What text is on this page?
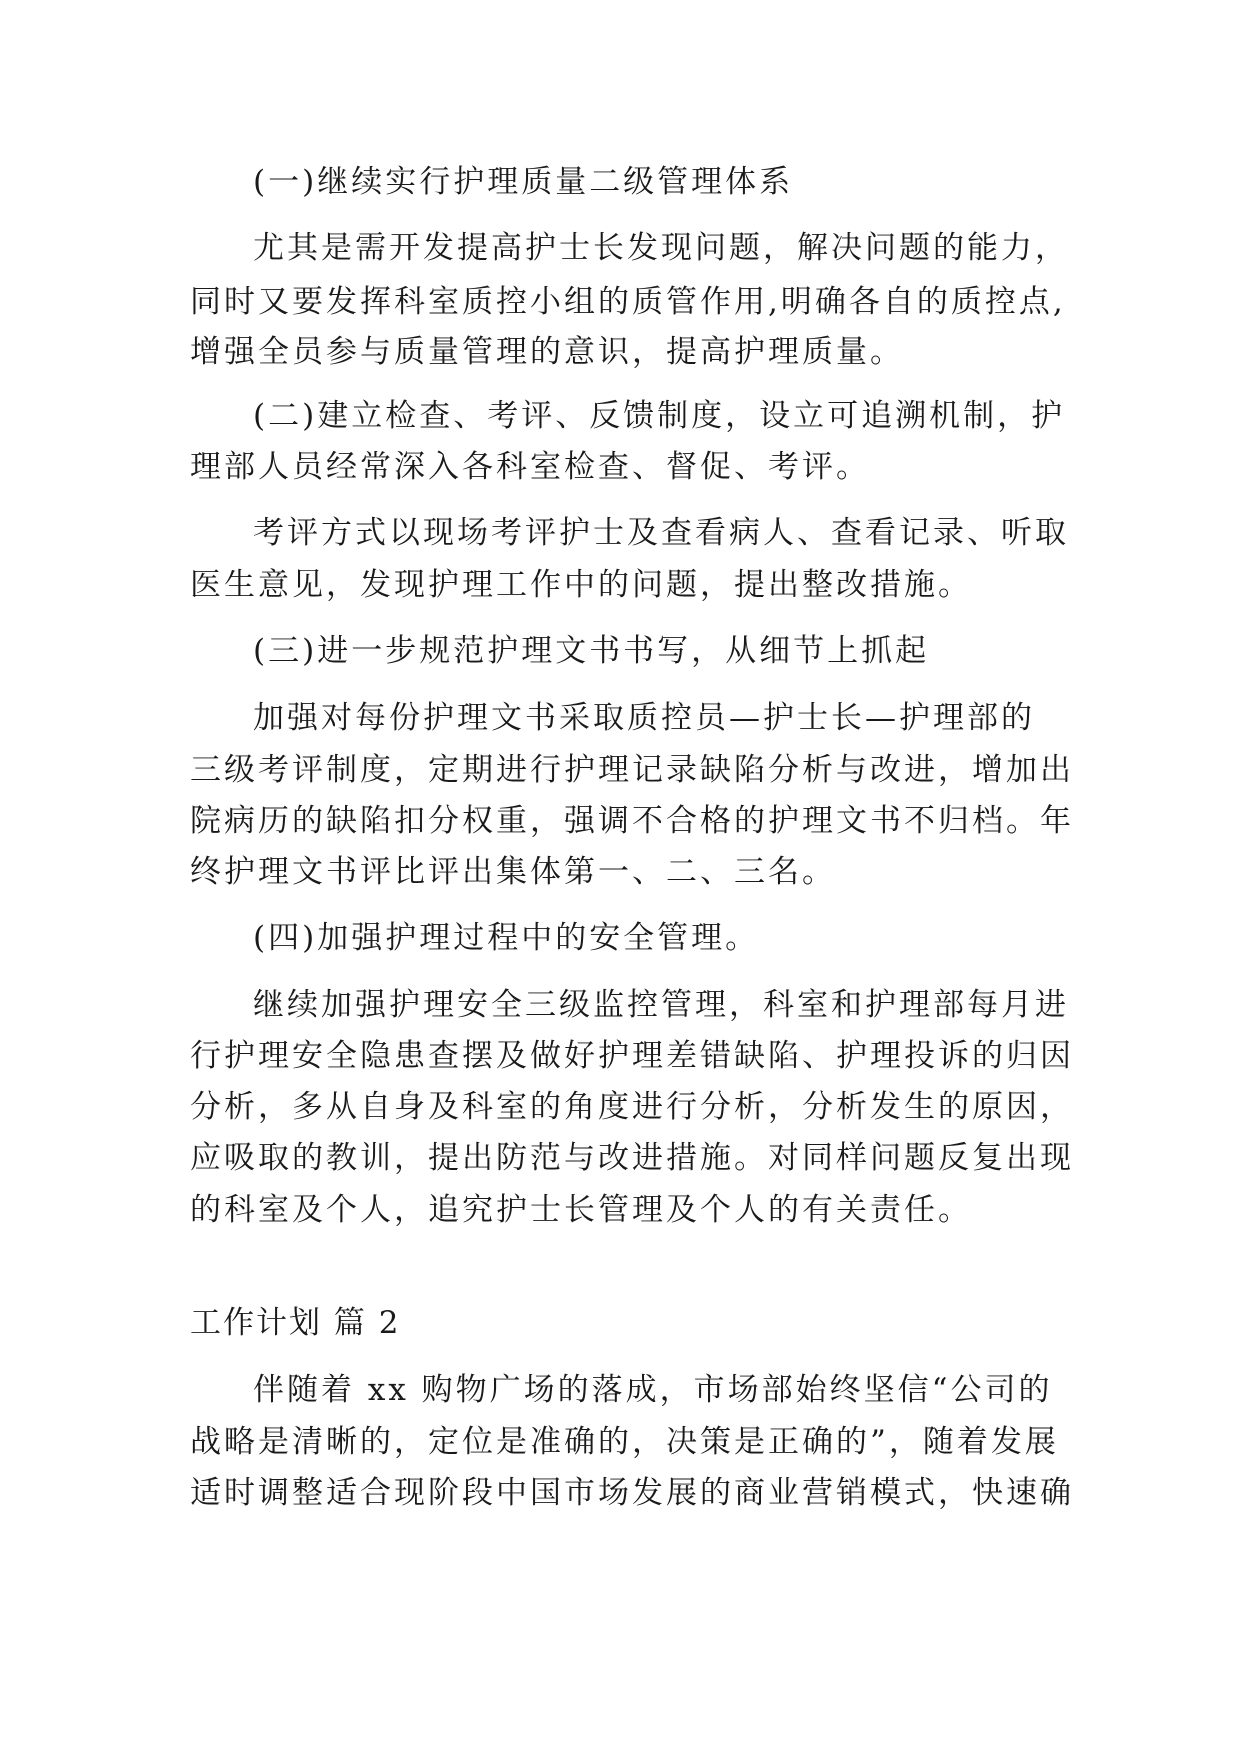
(一)继续实行护理质量二级管理体系
尤其是需开发提高护士长发现问题，解决问题的能力，
同时又要发挥科室质控小组的质管作用,明确各自的质控点,
增强全员参与质量管理的意识，提高护理质量。
(二)建立检查、考评、反馈制度，设立可追溯机制，护
理部人员经常深入各科室检查、督促、考评。
考评方式以现场考评护士及查看病人、查看记录、听取
医生意见，发现护理工作中的问题，提出整改措施。
(三)进一步规范护理文书书写，从细节上抓起
加强对每份护理文书采取质控员—护士长—护理部的
三级考评制度，定期进行护理记录缺陷分析与改进，增加出
院病历的缺陷扣分权重，强调不合格的护理文书不归档。年
终护理文书评比评出集体第一、二、三名。
(四)加强护理过程中的安全管理。
继续加强护理安全三级监控管理，科室和护理部每月进
行护理安全隐患查摆及做好护理差错缺陷、护理投诉的归因
分析，多从自身及科室的角度进行分析，分析发生的原因，
应吸取的教训，提出防范与改进措施。对同样问题反复出现
的科室及个人，追究护士长管理及个人的有关责任。
工作计划 篇 2
伴随着 xx 购物广场的落成，市场部始终坚信“公司的
战略是清晰的，定位是准确的，决策是正确的”，随着发展
适时调整适合现阶段中国市场发展的商业营销模式，快速确
